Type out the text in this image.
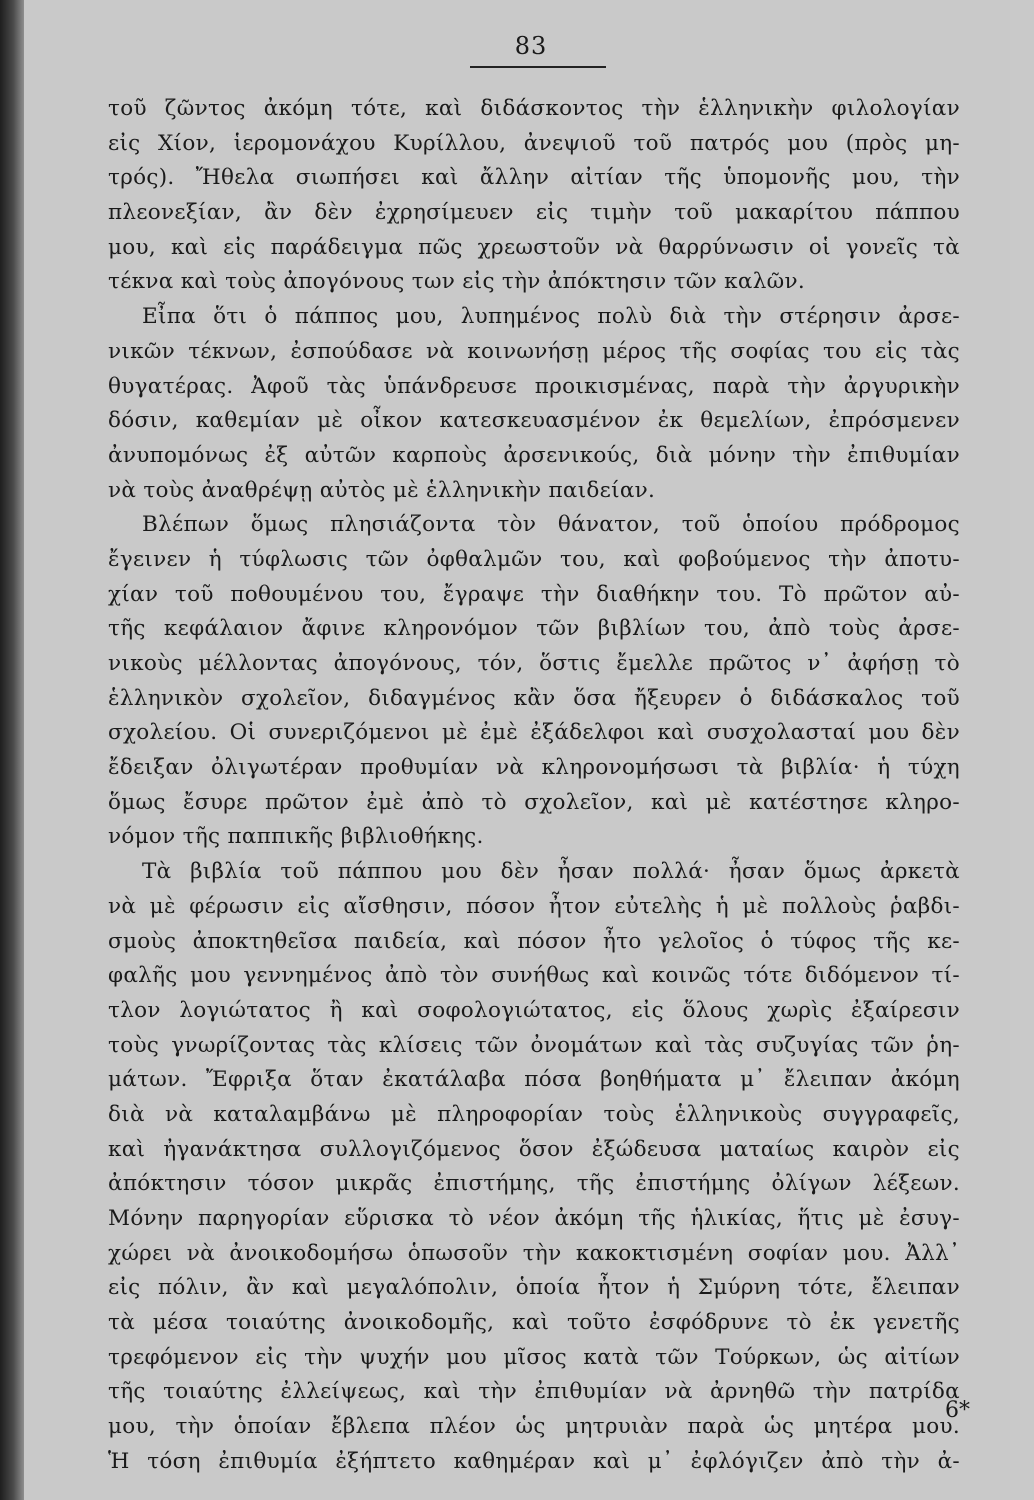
83
τοῦ ζῶντος ἀκόμη τότε, καὶ διδάσκοντος τὴν ἑλληνικὴν φιλολογίαν
εἰς Χίον, ἱερομονάχου Κυρίλλου, ἀνεψιοῦ τοῦ πατρός μου (πρὸς μη-
τρός). Ἤθελα σιωπήσει καὶ ἄλλην αἰτίαν τῆς ὑπομονῆς μου, τὴν
πλεονεξίαν, ἂν δὲν ἐχρησίμευεν εἰς τιμὴν τοῦ μακαρίτου πάππου
μου, καὶ εἰς παράδειγμα πῶς χρεωστοῦν νὰ θαρρύνωσιν οἱ γονεῖς τὰ
τέκνα καὶ τοὺς ἀπογόνους των εἰς τὴν ἀπόκτησιν τῶν καλῶν.
Εἶπα ὅτι ὁ πάππος μου, λυπημένος πολὺ διὰ τὴν στέρησιν ἀρσε-
νικῶν τέκνων, ἐσπούδασε νὰ κοινωνήσῃ μέρος τῆς σοφίας του εἰς τὰς
θυγατέρας. Ἀφοῦ τὰς ὑπάνδρευσε προικισμένας, παρὰ τὴν ἀργυρικὴν
δόσιν, καθεμίαν μὲ οἶκον κατεσκευασμένον ἐκ θεμελίων, ἐπρόσμενεν
ἀνυπομόνως ἐξ αὐτῶν καρποὺς ἀρσενικούς, διὰ μόνην τὴν ἐπιθυμίαν
νὰ τοὺς ἀναθρέψῃ αὐτὸς μὲ ἑλληνικὴν παιδείαν.
Βλέπων ὅμως πλησιάζοντα τὸν θάνατον, τοῦ ὁποίου πρόδρομος
ἔγεινεν ἡ τύφλωσις τῶν ὀφθαλμῶν του, καὶ φοβούμενος τὴν ἀποτυ-
χίαν τοῦ ποθουμένου του, ἔγραψε τὴν διαθήκην του. Τὸ πρῶτον αὐ-
τῆς κεφάλαιον ἄφινε κληρονόμον τῶν βιβλίων του, ἀπὸ τοὺς ἀρσε-
νικοὺς μέλλοντας ἀπογόνους, τόν, ὅστις ἔμελλε πρῶτος ν᾿ ἀφήσῃ τὸ
ἑλληνικὸν σχολεῖον, διδαγμένος κἂν ὅσα ἤξευρεν ὁ διδάσκαλος τοῦ
σχολείου. Οἱ συνεριζόμενοι μὲ ἐμὲ ἐξάδελφοι καὶ συσχολασταί μου δὲν
ἔδειξαν ὀλιγωτέραν προθυμίαν νὰ κληρονομήσωσι τὰ βιβλία· ἡ τύχη
ὅμως ἔσυρε πρῶτον ἐμὲ ἀπὸ τὸ σχολεῖον, καὶ μὲ κατέστησε κληρο-
νόμον τῆς παππικῆς βιβλιοθήκης.
Τὰ βιβλία τοῦ πάππου μου δὲν ἦσαν πολλά· ἦσαν ὅμως ἀρκετὰ
νὰ μὲ φέρωσιν εἰς αἴσθησιν, πόσον ἦτον εὐτελὴς ἡ μὲ πολλοὺς ῥαβδι-
σμοὺς ἀποκτηθεῖσα παιδεία, καὶ πόσον ἦτο γελοῖος ὁ τύφος τῆς κε-
φαλῆς μου γεννημένος ἀπὸ τὸν συνήθως καὶ κοινῶς τότε διδόμενον τί-
τλον λογιώτατος ἢ καὶ σοφολογιώτατος, εἰς ὅλους χωρὶς ἐξαίρεσιν
τοὺς γνωρίζοντας τὰς κλίσεις τῶν ὀνομάτων καὶ τὰς συζυγίας τῶν ῥη-
μάτων. Ἔφριξα ὅταν ἐκατάλαβα πόσα βοηθήματα μ᾿ ἔλειπαν ἀκόμη
διὰ νὰ καταλαμβάνω μὲ πληροφορίαν τοὺς ἑλληνικοὺς συγγραφεῖς,
καὶ ἠγανάκτησα συλλογιζόμενος ὅσον ἐξώδευσα ματαίως καιρὸν εἰς
ἀπόκτησιν τόσον μικρᾶς ἐπιστήμης, τῆς ἐπιστήμης ὀλίγων λέξεων.
Μόνην παρηγορίαν εὕρισκα τὸ νέον ἀκόμη τῆς ἡλικίας, ἥτις μὲ ἐσυγ-
χώρει νὰ ἀνοικοδομήσω ὁπωσοῦν τὴν κακοκτισμένη σοφίαν μου. Ἀλλ᾿
εἰς πόλιν, ἂν καὶ μεγαλόπολιν, ὁποία ἦτον ἡ Σμύρνη τότε, ἔλειπαν
τὰ μέσα τοιαύτης ἀνοικοδομῆς, καὶ τοῦτο ἐσφόδρυνε τὸ ἐκ γενετῆς
τρεφόμενον εἰς τὴν ψυχήν μου μῖσος κατὰ τῶν Τούρκων, ὡς αἰτίων
τῆς τοιαύτης ἐλλείψεως, καὶ τὴν ἐπιθυμίαν νὰ ἀρνηθῶ τὴν πατρίδα
μου, τὴν ὁποίαν ἔβλεπα πλέον ὡς μητρυιὰν παρὰ ὡς μητέρα μου.
Ἡ τόση ἐπιθυμία ἐξήπτετο καθημέραν καὶ μ᾿ ἐφλόγιζεν ἀπὸ τὴν ἀ-
6*
